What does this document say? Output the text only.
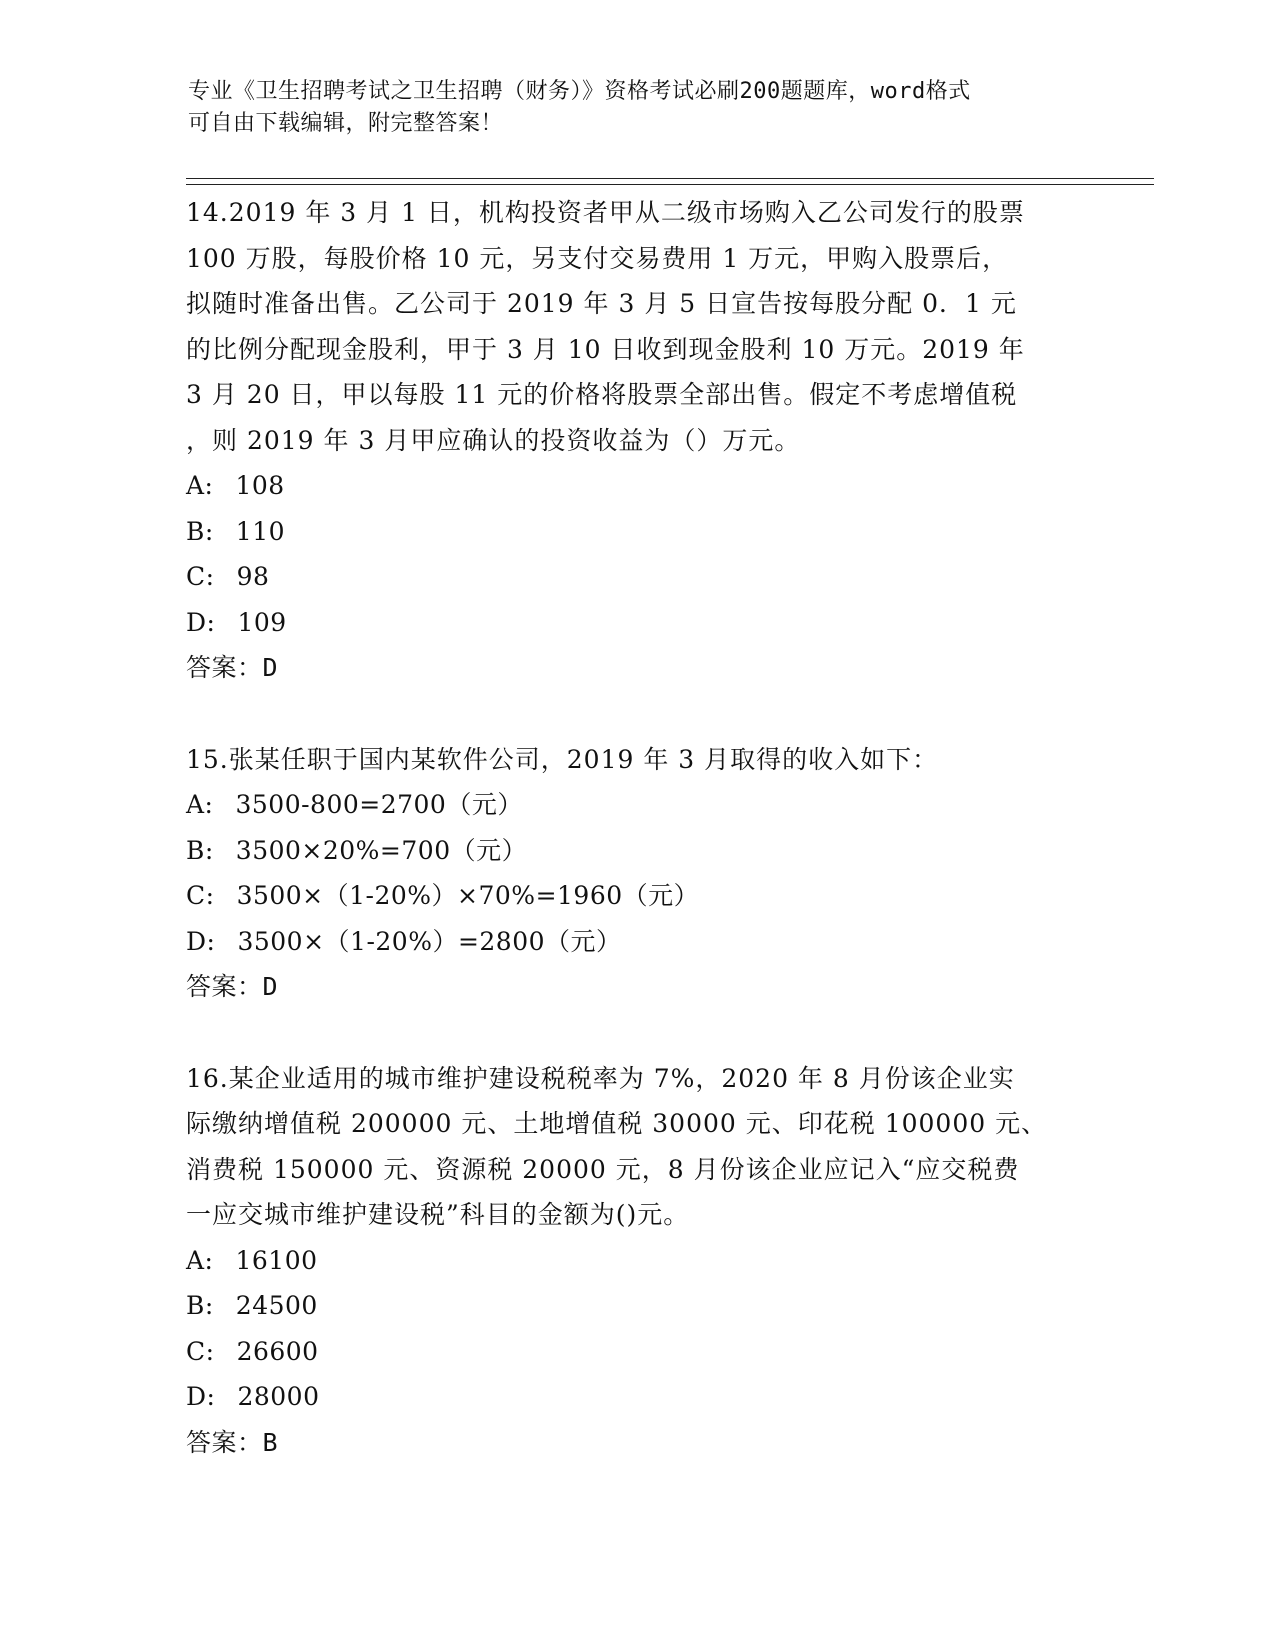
专业《卫生招聘考试之卫生招聘（财务）》资格考试必刷200题题库，word格式
可自由下载编辑，附完整答案！
14.2019 年 3 月 1 日，机构投资者甲从二级市场购入乙公司发行的股票
100 万股，每股价格 10 元，另支付交易费用 1 万元，甲购入股票后，
拟随时准备出售。乙公司于 2019 年 3 月 5 日宣告按每股分配 0．1 元
的比例分配现金股利，甲于 3 月 10 日收到现金股利 10 万元。2019 年
3 月 20 日，甲以每股 11 元的价格将股票全部出售。假定不考虑增值税
，则 2019 年 3 月甲应确认的投资收益为（）万元。
A: 108
B: 110
C: 98
D: 109
答案： D
15.张某任职于国内某软件公司，2019 年 3 月取得的收入如下：
A: 3500-800=2700（元）
B: 3500×20%=700（元）
C: 3500×（1-20%）×70%=1960（元）
D: 3500×（1-20%）=2800（元）
答案： D
16.某企业适用的城市维护建设税税率为 7%，2020 年 8 月份该企业实
际缴纳增值税 200000 元、土地增值税 30000 元、印花税 100000 元、
消费税 150000 元、资源税 20000 元，8 月份该企业应记入“应交税费
一应交城市维护建设税”科目的金额为()元。
A: 16100
B: 24500
C: 26600
D: 28000
答案： B
